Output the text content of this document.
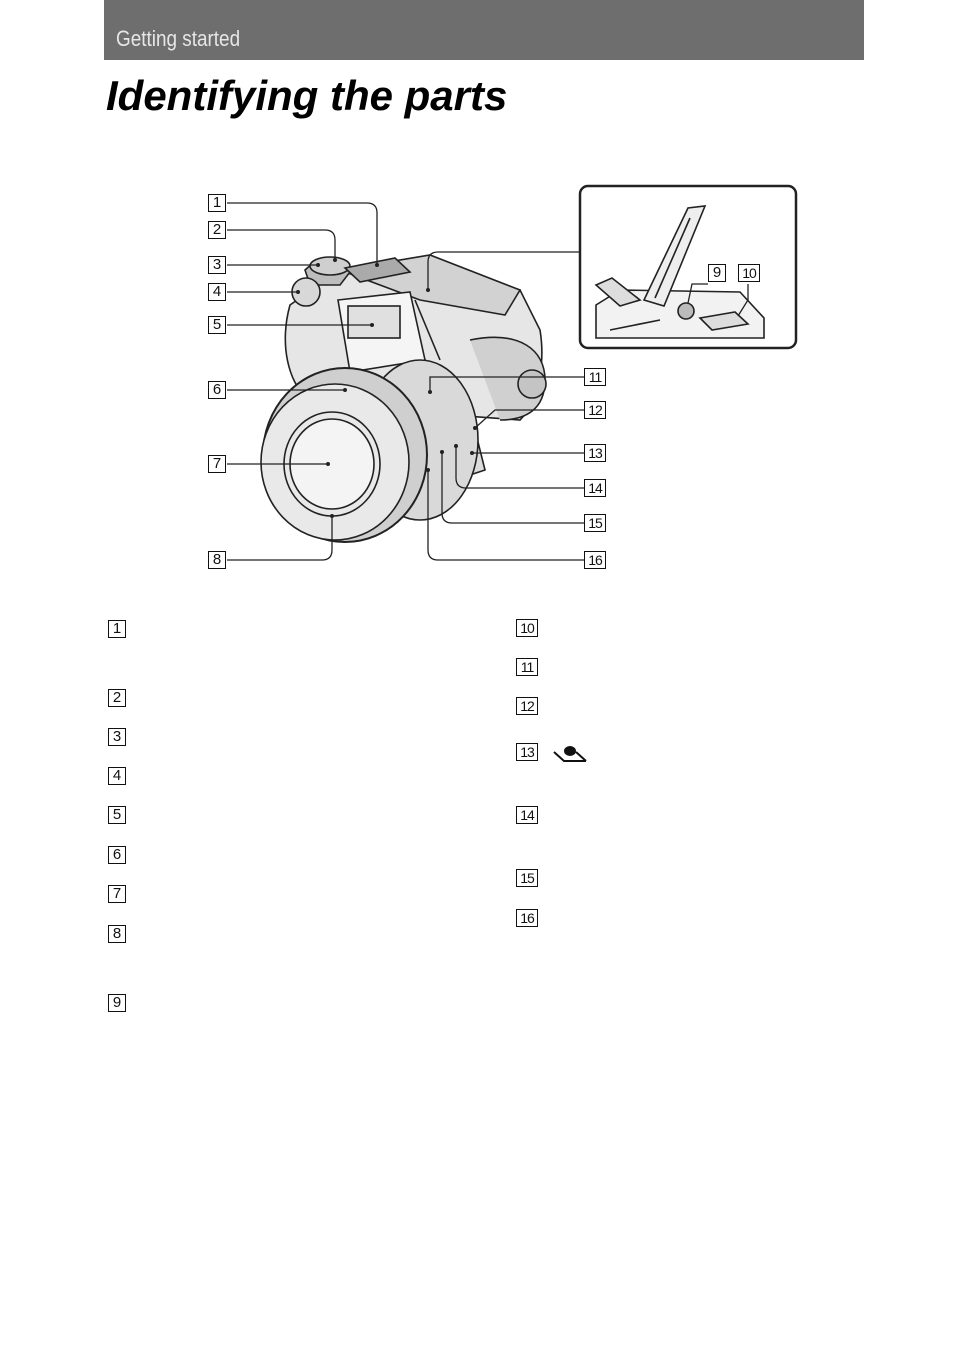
Getting started
Identifying the parts
1
2
3
4
5
6
7
8
9	10
11
12
13
14
15
16
1
2
3
4
5
6
7
8
9
10
11
12
13
14
15
16
